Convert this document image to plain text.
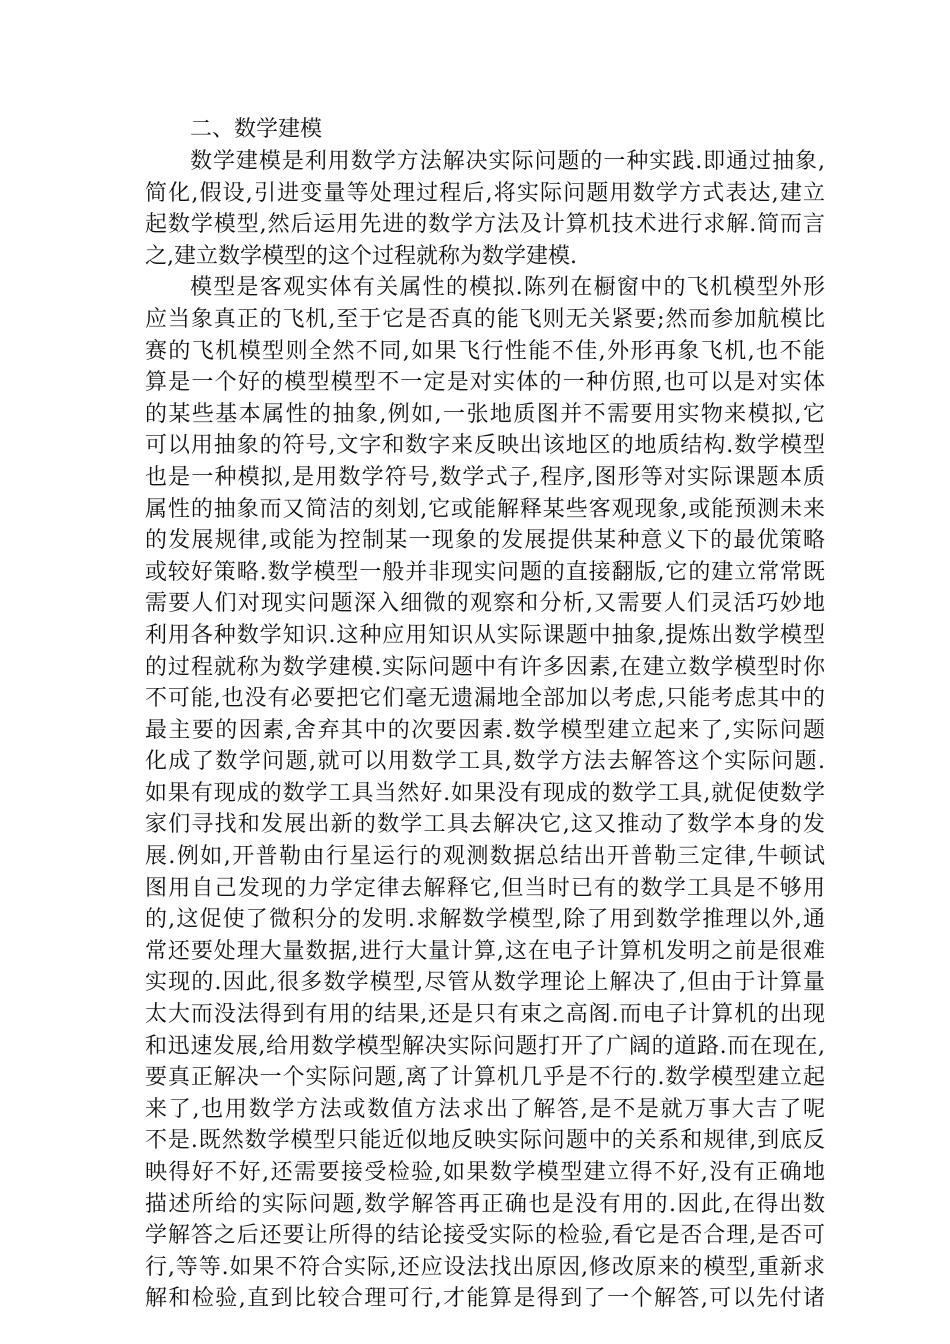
二、数学建模
数学建模是利用数学方法解决实际问题的一种实践.即通过抽象,
简化,假设,引进变量等处理过程后,将实际问题用数学方式表达,建立
起数学模型,然后运用先进的数学方法及计算机技术进行求解.简而言
之,建立数学模型的这个过程就称为数学建模.
模型是客观实体有关属性的模拟.陈列在橱窗中的飞机模型外形
应当象真正的飞机,至于它是否真的能飞则无关紧要;然而参加航模比
赛的飞机模型则全然不同,如果飞行性能不佳,外形再象飞机,也不能
算是一个好的模型模型不一定是对实体的一种仿照,也可以是对实体
的某些基本属性的抽象,例如,一张地质图并不需要用实物来模拟,它
可以用抽象的符号,文字和数字来反映出该地区的地质结构.数学模型
也是一种模拟,是用数学符号,数学式子,程序,图形等对实际课题本质
属性的抽象而又简洁的刻划,它或能解释某些客观现象,或能预测未来
的发展规律,或能为控制某一现象的发展提供某种意义下的最优策略
或较好策略.数学模型一般并非现实问题的直接翻版,它的建立常常既
需要人们对现实问题深入细微的观察和分析,又需要人们灵活巧妙地
利用各种数学知识.这种应用知识从实际课题中抽象,提炼出数学模型
的过程就称为数学建模.实际问题中有许多因素,在建立数学模型时你
不可能,也没有必要把它们毫无遗漏地全部加以考虑,只能考虑其中的
最主要的因素,舍弃其中的次要因素.数学模型建立起来了,实际问题
化成了数学问题,就可以用数学工具,数学方法去解答这个实际问题.
如果有现成的数学工具当然好.如果没有现成的数学工具,就促使数学
家们寻找和发展出新的数学工具去解决它,这又推动了数学本身的发
展.例如,开普勒由行星运行的观测数据总结出开普勒三定律,牛顿试
图用自己发现的力学定律去解释它,但当时已有的数学工具是不够用
的,这促使了微积分的发明.求解数学模型,除了用到数学推理以外,通
常还要处理大量数据,进行大量计算,这在电子计算机发明之前是很难
实现的.因此,很多数学模型,尽管从数学理论上解决了,但由于计算量
太大而没法得到有用的结果,还是只有束之高阁.而电子计算机的出现
和迅速发展,给用数学模型解决实际问题打开了广阔的道路.而在现在,
要真正解决一个实际问题,离了计算机几乎是不行的.数学模型建立起
来了,也用数学方法或数值方法求出了解答,是不是就万事大吉了呢
不是.既然数学模型只能近似地反映实际问题中的关系和规律,到底反
映得好不好,还需要接受检验,如果数学模型建立得不好,没有正确地
描述所给的实际问题,数学解答再正确也是没有用的.因此,在得出数
学解答之后还要让所得的结论接受实际的检验,看它是否合理,是否可
行,等等.如果不符合实际,还应设法找出原因,修改原来的模型,重新求
解和检验,直到比较合理可行,才能算是得到了一个解答,可以先付诸
